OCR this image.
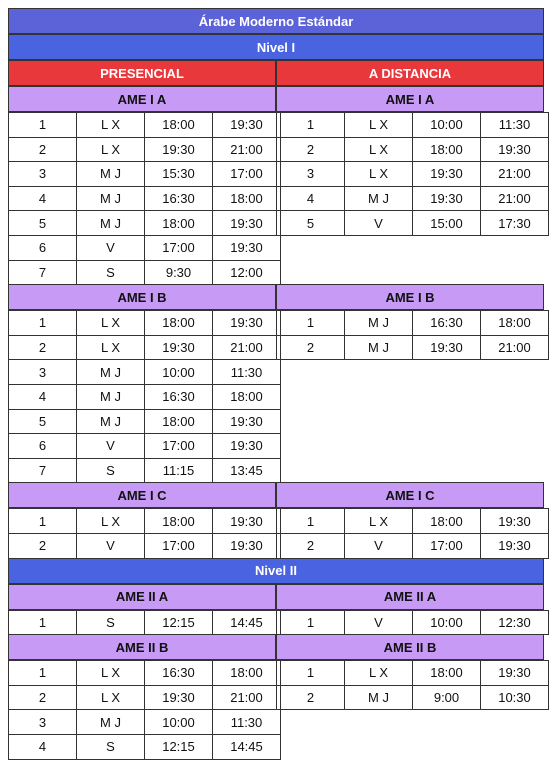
Árabe Moderno Estándar
Nivel I
PRESENCIAL	A DISTANCIA
AME I A
1	L X	18:00	19:30
2	L X	19:30	21:00
3	M J	15:30	17:00
4	M J	16:30	18:00
5	M J	18:00	19:30
6	V	17:00	19:30
7	S	9:30	12:00
AME I A
1	L X	10:00	11:30
2	L X	18:00	19:30
3	L X	19:30	21:00
4	M J	19:30	21:00
5	V	15:00	17:30
AME I B
1	L X	18:00	19:30
2	L X	19:30	21:00
3	M J	10:00	11:30
4	M J	16:30	18:00
5	M J	18:00	19:30
6	V	17:00	19:30
7	S	11:15	13:45
AME I B
1	M J	16:30	18:00
2	M J	19:30	21:00
AME I C
1	L X	18:00	19:30
2	V	17:00	19:30
AME I C
1	L X	18:00	19:30
2	V	17:00	19:30
Nivel II
AME II A
1	S	12:15	14:45
AME II A
1	V	10:00	12:30
AME II B
1	L X	16:30	18:00
2	L X	19:30	21:00
3	M J	10:00	11:30
4	S	12:15	14:45
AME II B
1	L X	18:00	19:30
2	M J	9:00	10:30
